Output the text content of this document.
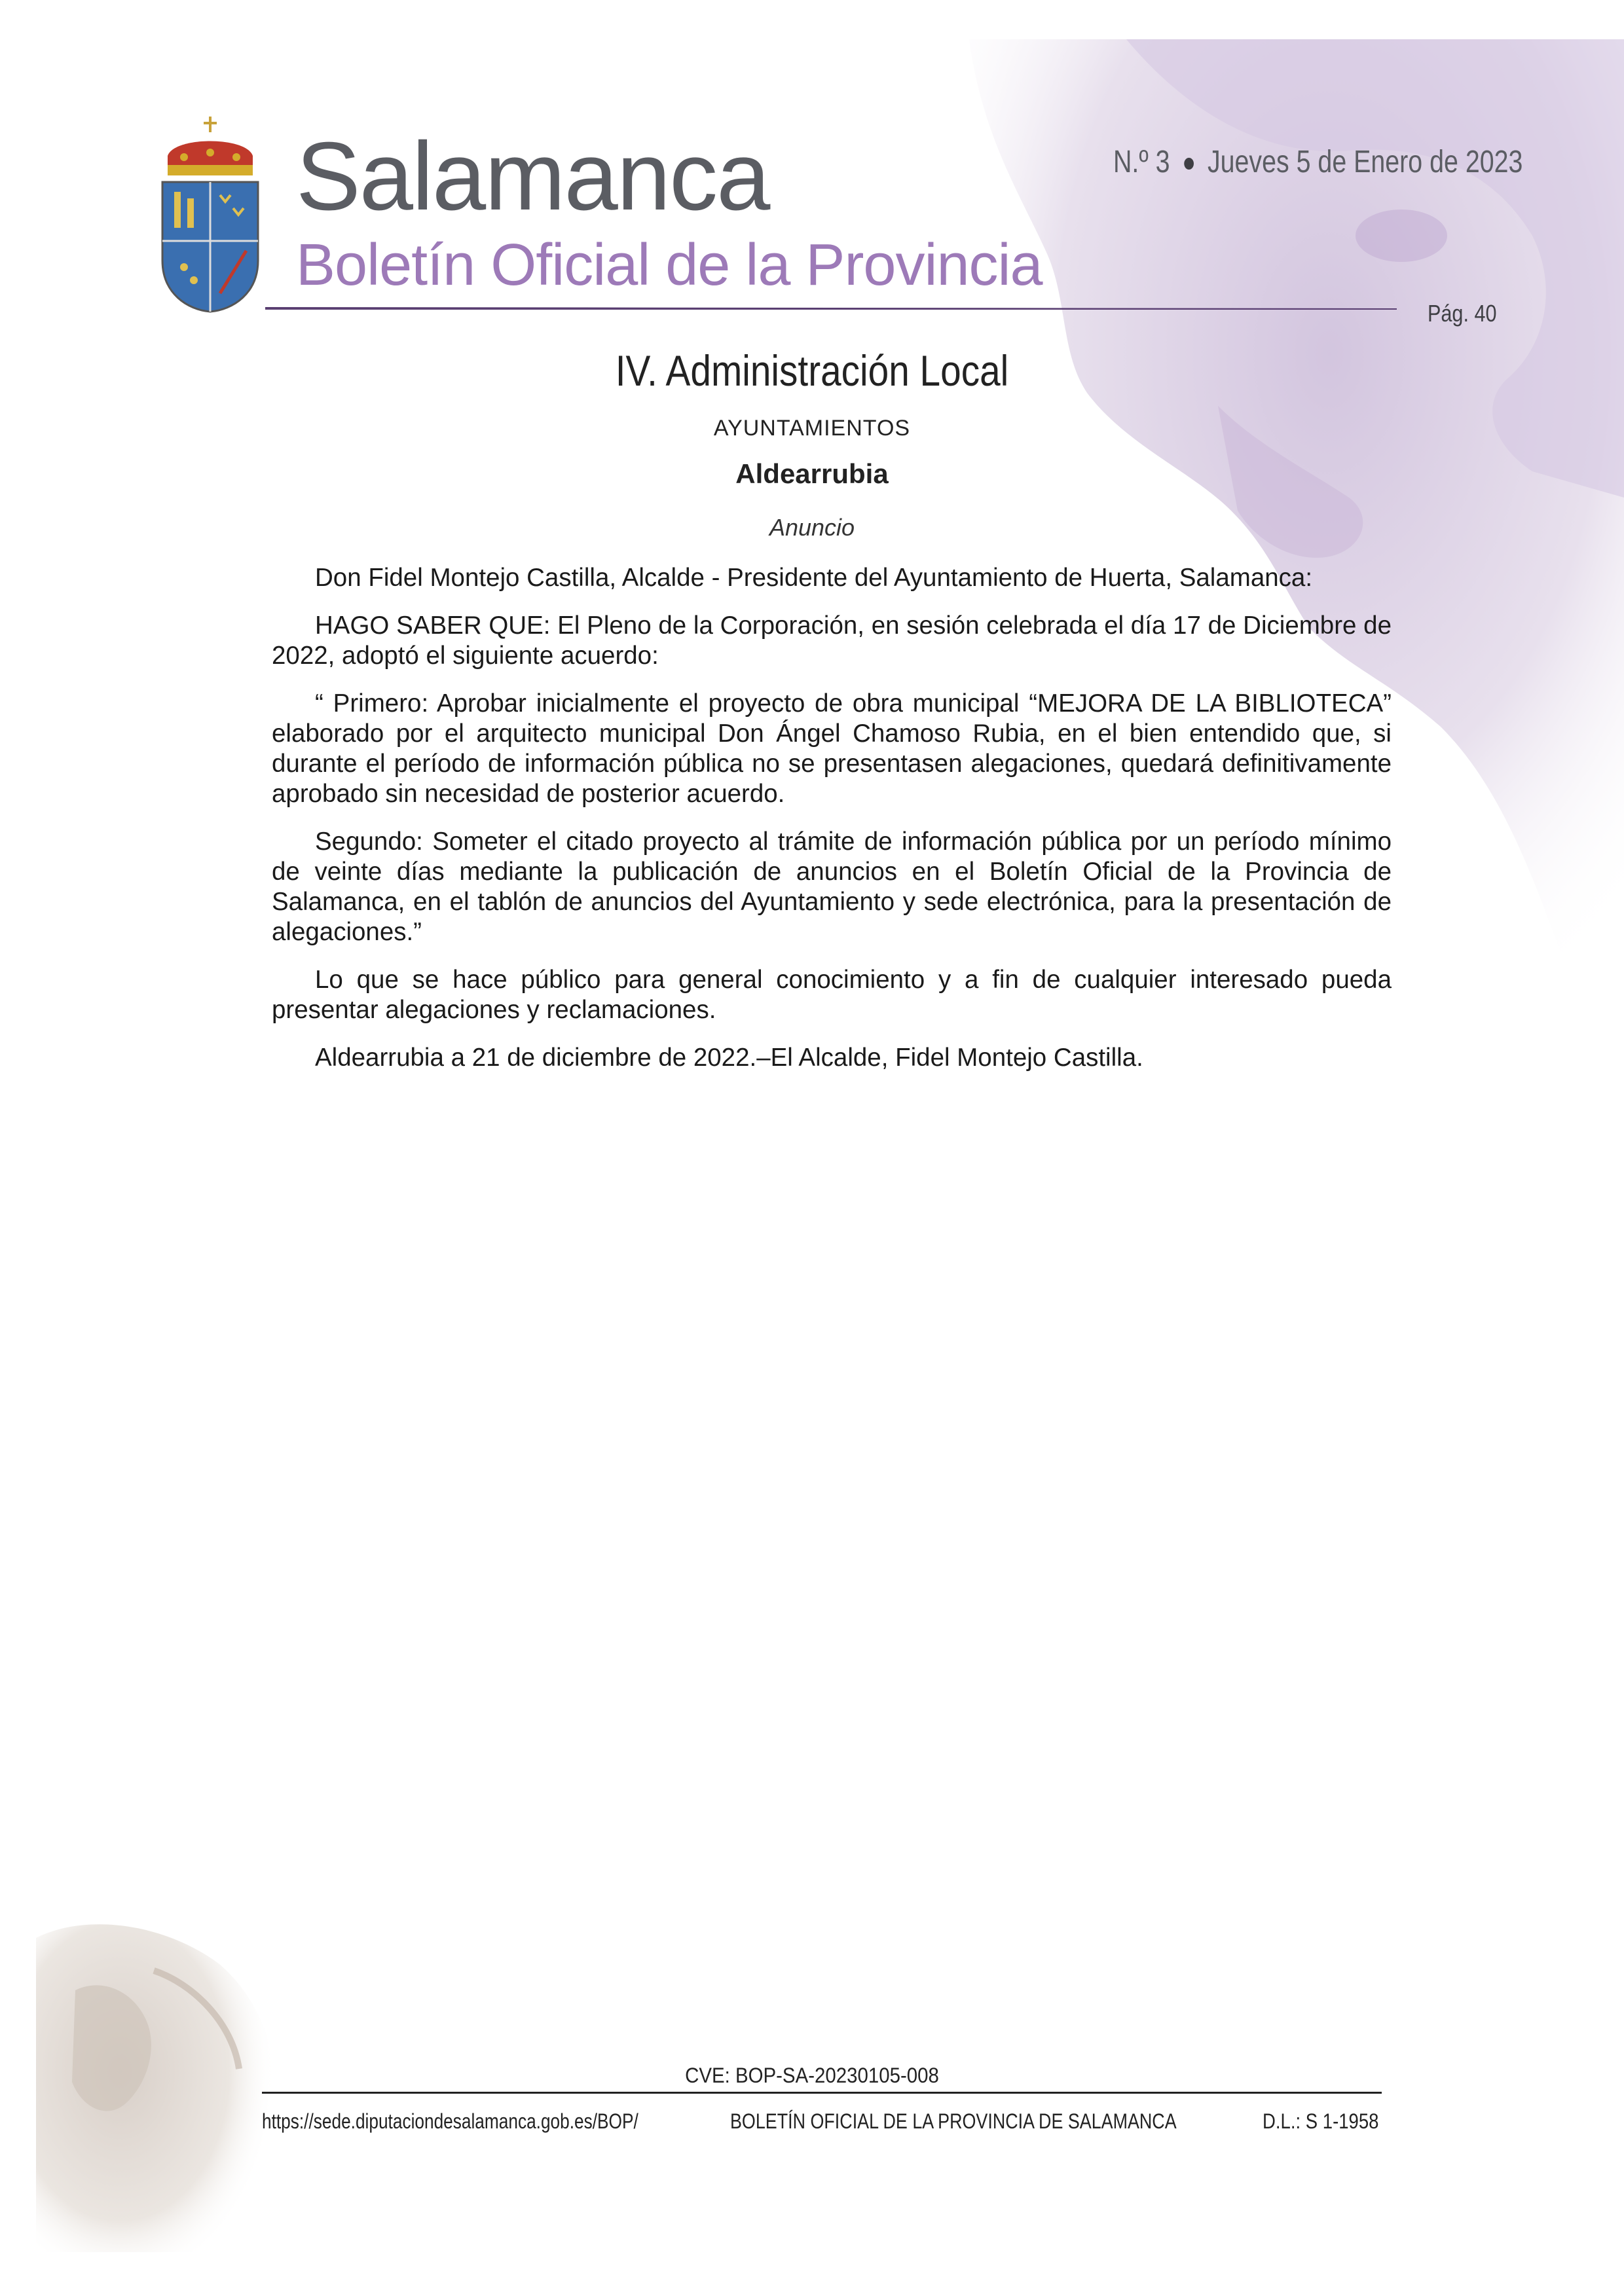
Salamanca
Boletín Oficial de la Provincia
N.º 3 Jueves 5 de Enero de 2023
Pág. 40
IV. Administración Local
AYUNTAMIENTOS
Aldearrubia
Anuncio

Don Fidel Montejo Castilla, Alcalde - Presidente del Ayuntamiento de Huerta, Salamanca:

HAGO SABER QUE: El Pleno de la Corporación, en sesión celebrada el día 17 de Diciembre de 2022, adoptó el siguiente acuerdo:

“ Primero: Aprobar inicialmente el proyecto de obra municipal “MEJORA DE LA BIBLIOTECA” elaborado por el arquitecto municipal Don Ángel Chamoso Rubia, en el bien entendido que, si durante el período de información pública no se presentasen alegaciones, quedará definitivamente aprobado sin necesidad de posterior acuerdo.

Segundo: Someter el citado proyecto al trámite de información pública por un período mínimo de veinte días mediante la publicación de anuncios en el Boletín Oficial de la Provincia de Salamanca, en el tablón de anuncios del Ayuntamiento y sede electrónica, para la presentación de alegaciones.”

Lo que se hace público para general conocimiento y a fin de cualquier interesado pueda presentar alegaciones y reclamaciones.

Aldearrubia a 21 de diciembre de 2022.–El Alcalde, Fidel Montejo Castilla.

CVE: BOP-SA-20230105-008
https://sede.diputaciondesalamanca.gob.es/BOP/	BOLETÍN OFICIAL DE LA PROVINCIA DE SALAMANCA	D.L.: S 1-1958
